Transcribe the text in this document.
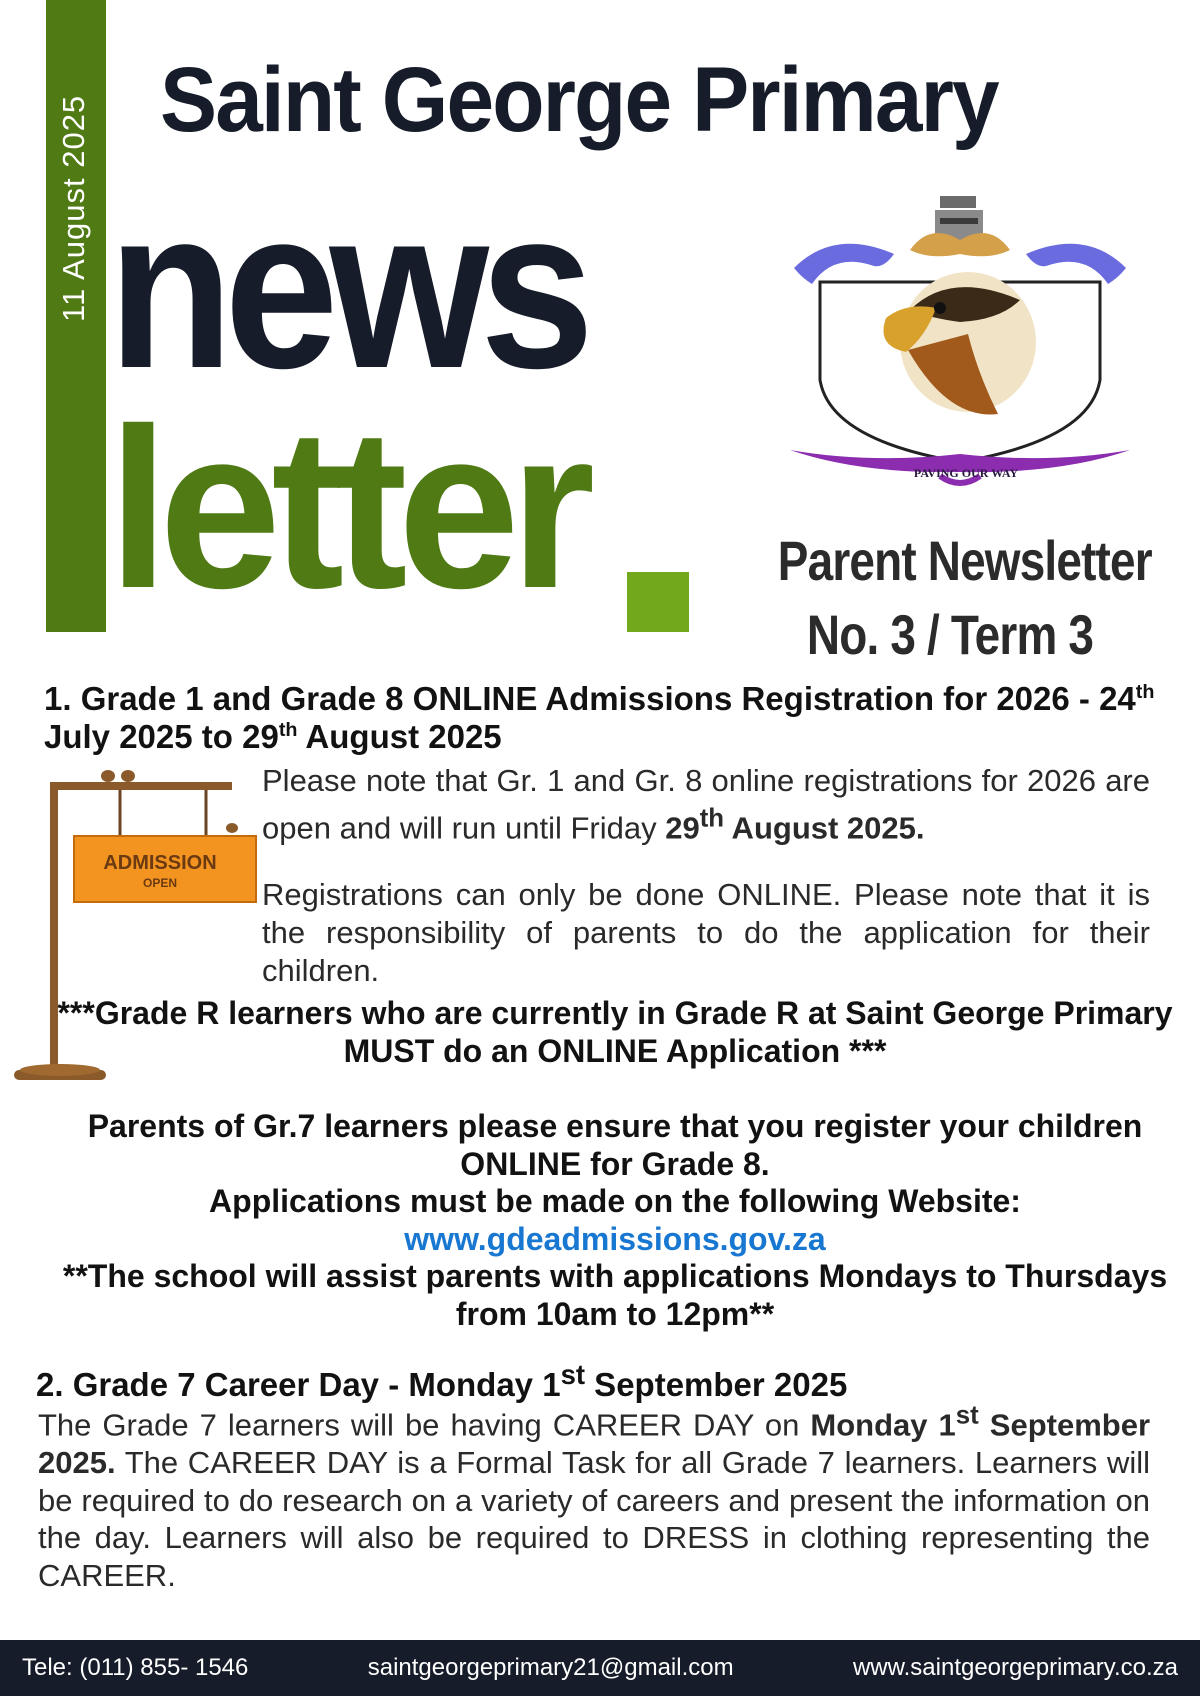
11 August 2025 Saint George Primary
news
letter	PAVING OUR WAY
Parent Newsletter
No. 3 / Term 3
1. Grade 1 and Grade 8 ONLINE Admissions Registration for 2026 - 24th July 2025 to 29th August 2025
ADMISSION
OPEN
Please note that Gr. 1 and Gr. 8 online registrations for 2026 are open and will run until Friday 29th August 2025.
Registrations can only be done ONLINE. Please note that it is the responsibility of parents to do the application for their children.
***Grade R learners who are currently in Grade R at Saint George Primary MUST do an ONLINE Application ***
Parents of Gr.7 learners please ensure that you register your children ONLINE for Grade 8.
Applications must be made on the following Website:
www.gdeadmissions.gov.za
**The school will assist parents with applications Mondays to Thursdays from 10am to 12pm**
2. Grade 7 Career Day - Monday 1st September 2025
The Grade 7 learners will be having CAREER DAY on Monday 1st September 2025. The CAREER DAY is a Formal Task for all Grade 7 learners. Learners will be required to do research on a variety of careers and present the information on the day. Learners will also be required to DRESS in clothing representing the CAREER.
Tele: (011) 855- 1546	saintgeorgeprimary21@gmail.com	www.saintgeorgeprimary.co.za
